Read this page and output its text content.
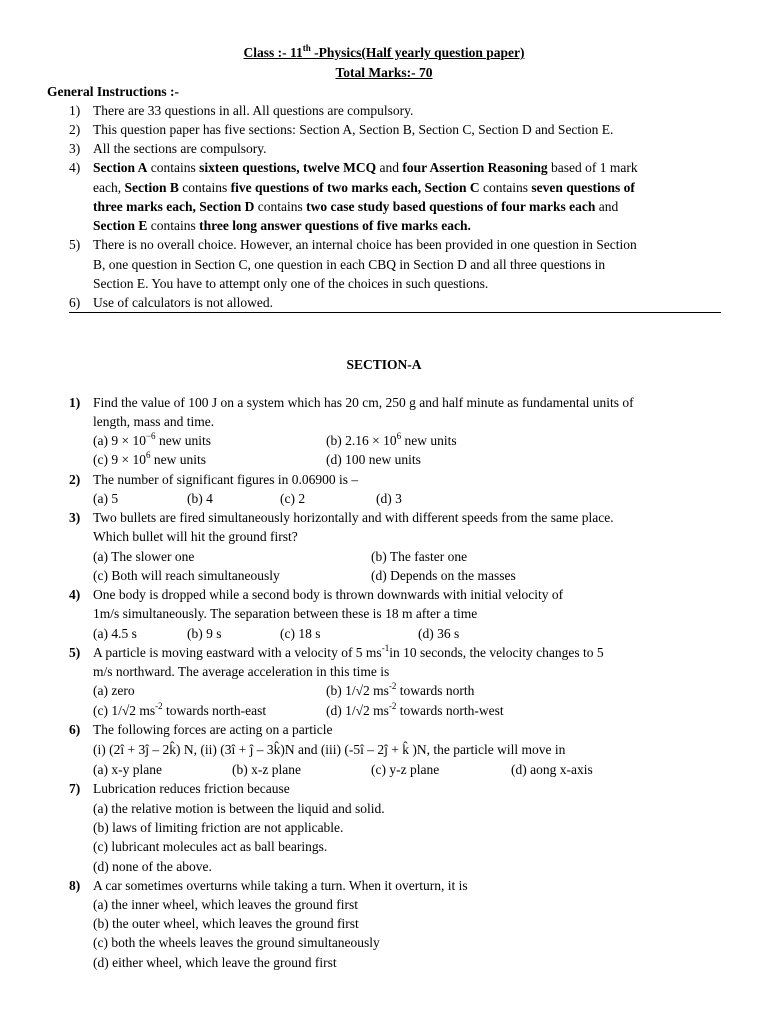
Class :- 11th -Physics(Half yearly question paper)
Total Marks:- 70
General Instructions :-
1) There are 33 questions in all. All questions are compulsory.
2) This question paper has five sections: Section A, Section B, Section C, Section D and Section E.
3) All the sections are compulsory.
4) Section A contains sixteen questions, twelve MCQ and four Assertion Reasoning based of 1 mark
each, Section B contains five questions of two marks each, Section C contains seven questions of
three marks each, Section D contains two case study based questions of four marks each and
Section E contains three long answer questions of five marks each.
5) There is no overall choice. However, an internal choice has been provided in one question in Section
B, one question in Section C, one question in each CBQ in Section D and all three questions in
Section E. You have to attempt only one of the choices in such questions.
6) Use of calculators is not allowed.
SECTION-A
1) Find the value of 100 J on a system which has 20 cm, 250 g and half minute as fundamental units of
length, mass and time.
(a) $9 \times 10^{-6}$ new units	(b) $2.16 \times 10^6$ new units
(c) $9 \times 10^6$ new units	(d) 100 new units
2) The number of significant figures in 0.06900 is –
(a) 5	(b) 4	(c) 2	(d) 3
3) Two bullets are fired simultaneously horizontally and with different speeds from the same place.
Which bullet will hit the ground first?
(a) The slower one	(b) The faster one
(c) Both will reach simultaneously	(d) Depends on the masses
4) One body is dropped while a second body is thrown downwards with initial velocity of
1m/s simultaneously. The separation between these is 18 m after a time
(a) 4.5 s	(b) 9 s	(c) 18 s	(d) 36 s
5) A particle is moving eastward with a velocity of 5 $ms^{-1}in$ 10 seconds, the velocity changes to 5
m/s northward. The average acceleration in this time is
(a) zero	(b) 1/√2 $ms^{-2}$ towards north
(c) 1/√2 $ms^{-2}$ towards north-east	(d) 1/√2 $ms^{-2}$ towards north-west
6) The following forces are acting on a particle
(i) (2î + 3ĵ – 2k̂) N, (ii) (3î + ĵ – 3k̂)N and (iii) (-5î – 2ĵ + k̂ )N, the particle will move in
(a) x-y plane	(b) x-z plane	(c) y-z plane	(d) aong x-axis
7) Lubrication reduces friction because
(a) the relative motion is between the liquid and solid.
(b) laws of limiting friction are not applicable.
(c) lubricant molecules act as ball bearings.
(d) none of the above.
8) A car sometimes overturns while taking a turn. When it overturn, it is
(a) the inner wheel, which leaves the ground first
(b) the outer wheel, which leaves the ground first
(c) both the wheels leaves the ground simultaneously
(d) either wheel, which leave the ground first
